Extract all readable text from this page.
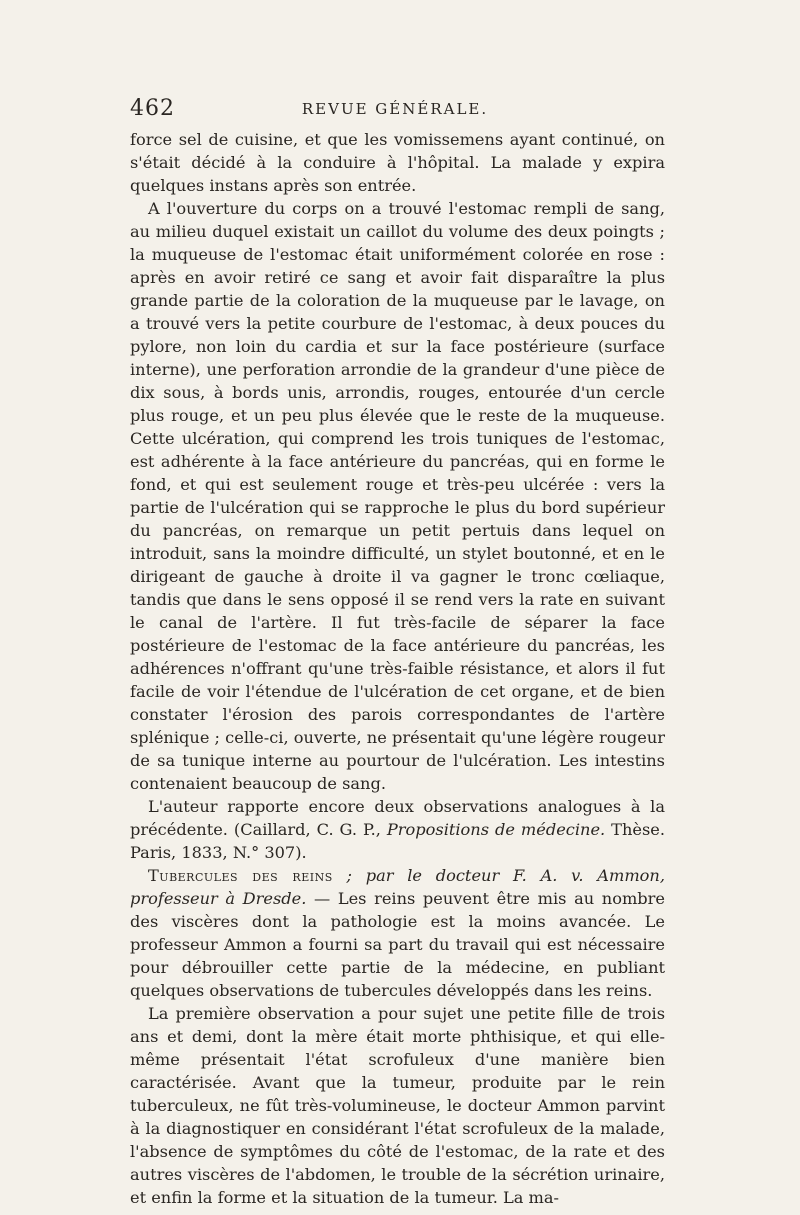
462	REVUE GÉNÉRALE.

force sel de cuisine, et que les vomissemens ayant continué, on s'était décidé à la conduire à l'hôpital. La malade y expira quelques instans après son entrée.

A l'ouverture du corps on a trouvé l'estomac rempli de sang, au milieu duquel existait un caillot du volume des deux poingts ; la muqueuse de l'estomac était uniformément colorée en rose : après en avoir retiré ce sang et avoir fait disparaître la plus grande partie de la coloration de la muqueuse par le lavage, on a trouvé vers la petite courbure de l'estomac, à deux pouces du pylore, non loin du cardia et sur la face postérieure (surface interne), une perforation arrondie de la grandeur d'une pièce de dix sous, à bords unis, arrondis, rouges, entourée d'un cercle plus rouge, et un peu plus élevée que le reste de la muqueuse. Cette ulcération, qui comprend les trois tuniques de l'estomac, est adhérente à la face antérieure du pancréas, qui en forme le fond, et qui est seulement rouge et très-peu ulcérée : vers la partie de l'ulcération qui se rapproche le plus du bord supérieur du pancréas, on remarque un petit pertuis dans lequel on introduit, sans la moindre difficulté, un stylet boutonné, et en le dirigeant de gauche à droite il va gagner le tronc cœliaque, tandis que dans le sens opposé il se rend vers la rate en suivant le canal de l'artère. Il fut très-facile de séparer la face postérieure de l'estomac de la face antérieure du pancréas, les adhérences n'offrant qu'une très-faible résistance, et alors il fut facile de voir l'étendue de l'ulcération de cet organe, et de bien constater l'érosion des parois correspondantes de l'artère splénique ; celle-ci, ouverte, ne présentait qu'une légère rougeur de sa tunique interne au pourtour de l'ulcération. Les intestins contenaient beaucoup de sang.

L'auteur rapporte encore deux observations analogues à la précédente. (Caillard, C. G. P., Propositions de médecine. Thèse. Paris, 1833, N.° 307).

Tubercules des reins ; par le docteur F. A. v. Ammon, professeur à Dresde. — Les reins peuvent être mis au nombre des viscères dont la pathologie est la moins avancée. Le professeur Ammon a fourni sa part du travail qui est nécessaire pour débrouiller cette partie de la médecine, en publiant quelques observations de tubercules développés dans les reins.

La première observation a pour sujet une petite fille de trois ans et demi, dont la mère était morte phthisique, et qui elle-même présentait l'état scrofuleux d'une manière bien caractérisée. Avant que la tumeur, produite par le rein tuberculeux, ne fût très-volumineuse, le docteur Ammon parvint à la diagnostiquer en considérant l'état scrofuleux de la malade, l'absence de symptômes du côté de l'estomac, de la rate et des autres viscères de l'abdomen, le trouble de la sécrétion urinaire, et enfin la forme et la situation de la tumeur. La ma-
